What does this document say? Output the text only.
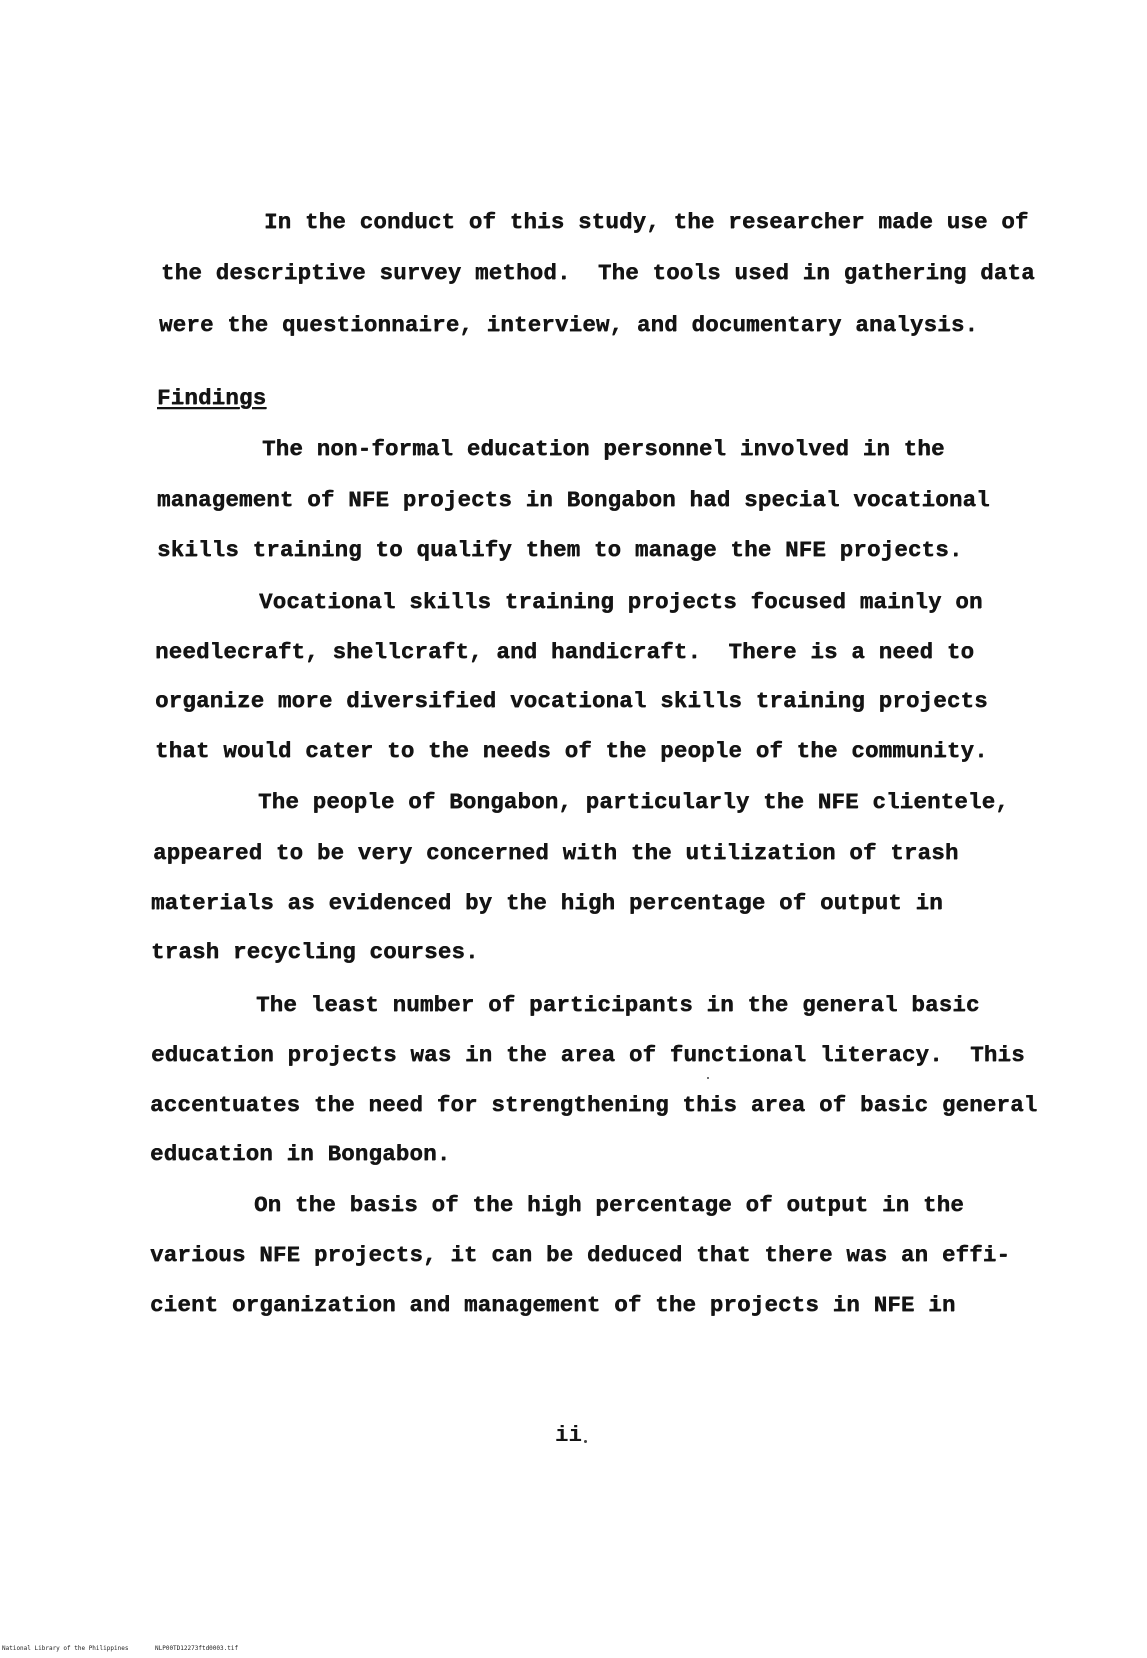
In the conduct of this study, the researcher made use of
the descriptive survey method.  The tools used in gathering data
were the questionnaire, interview, and documentary analysis.
Findings
The non-formal education personnel involved in the
management of NFE projects in Bongabon had special vocational
skills training to qualify them to manage the NFE projects.
Vocational skills training projects focused mainly on
needlecraft, shellcraft, and handicraft.  There is a need to
organize more diversified vocational skills training projects
that would cater to the needs of the people of the community.
The people of Bongabon, particularly the NFE clientele,
appeared to be very concerned with the utilization of trash
materials as evidenced by the high percentage of output in
trash recycling courses.
The least number of participants in the general basic
education projects was in the area of functional literacy.  This
accentuates the need for strengthening this area of basic general
education in Bongabon.
On the basis of the high percentage of output in the
various NFE projects, it can be deduced that there was an effi-
cient organization and management of the projects in NFE in
ii
National Library of the Philippines	NLP00TD12273ftd0003.tif
